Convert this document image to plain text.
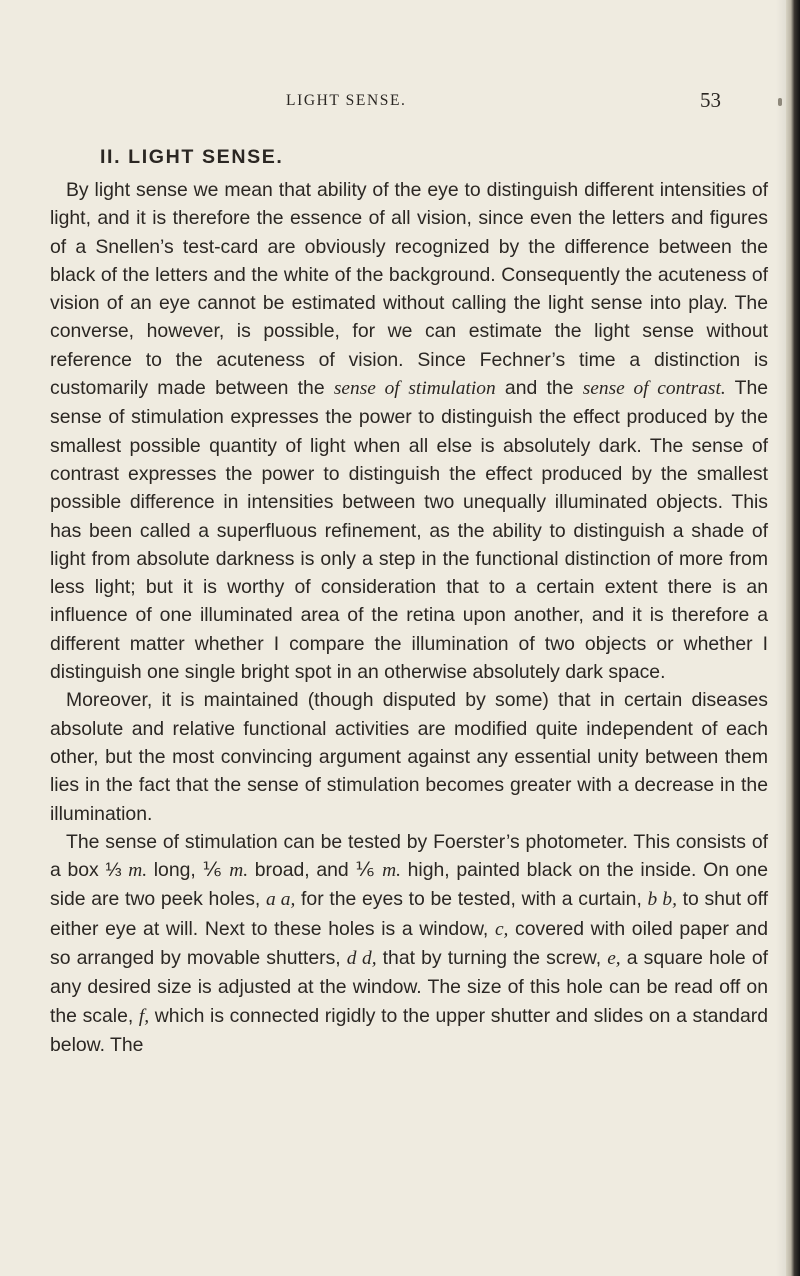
LIGHT SENSE.	53
II. LIGHT SENSE.

By light sense we mean that ability of the eye to distinguish different intensities of light, and it is therefore the essence of all vision, since even the letters and figures of a Snellen’s test-card are obviously recognized by the difference between the black of the letters and the white of the background. Consequently the acuteness of vision of an eye cannot be estimated without calling the light sense into play. The converse, however, is possible, for we can estimate the light sense without reference to the acuteness of vision. Since Fechner’s time a distinction is customarily made between the sense of stimulation and the sense of contrast. The sense of stimulation expresses the power to distinguish the effect produced by the smallest possible quantity of light when all else is absolutely dark. The sense of contrast expresses the power to distinguish the effect produced by the smallest possible difference in intensities between two unequally illuminated objects. This has been called a superfluous refinement, as the ability to distinguish a shade of light from absolute darkness is only a step in the functional distinction of more from less light; but it is worthy of consideration that to a certain extent there is an influence of one illuminated area of the retina upon another, and it is therefore a different matter whether I compare the illumination of two objects or whether I distinguish one single bright spot in an otherwise absolutely dark space.

Moreover, it is maintained (though disputed by some) that in certain diseases absolute and relative functional activities are modified quite independent of each other, but the most convincing argument against any essential unity between them lies in the fact that the sense of stimulation becomes greater with a decrease in the illumination.

The sense of stimulation can be tested by Foerster’s photometer. This consists of a box ⅓ m. long, ⅙ m. broad, and ⅙ m. high, painted black on the inside. On one side are two peek holes, a a, for the eyes to be tested, with a curtain, b b, to shut off either eye at will. Next to these holes is a window, c, covered with oiled paper and so arranged by movable shutters, d d, that by turning the screw, e, a square hole of any desired size is adjusted at the window. The size of this hole can be read off on the scale, f, which is connected rigidly to the upper shutter and slides on a standard below. The
